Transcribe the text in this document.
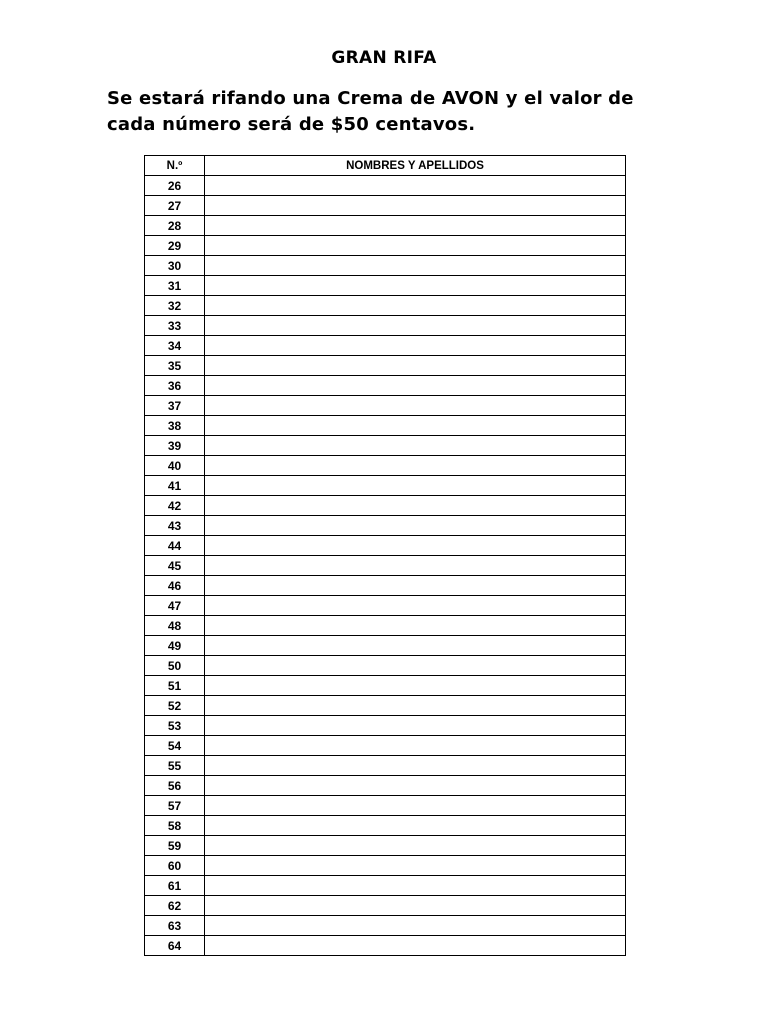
GRAN RIFA
Se estará rifando una Crema de AVON y el valor de cada número será de $50 centavos.
N.º	NOMBRES Y APELLIDOS
26	
27	
28	
29	
30	
31	
32	
33	
34	
35	
36	
37	
38	
39	
40	
41	
42	
43	
44	
45	
46	
47	
48	
49	
50	
51	
52	
53	
54	
55	
56	
57	
58	
59	
60	
61	
62	
63	
64	
